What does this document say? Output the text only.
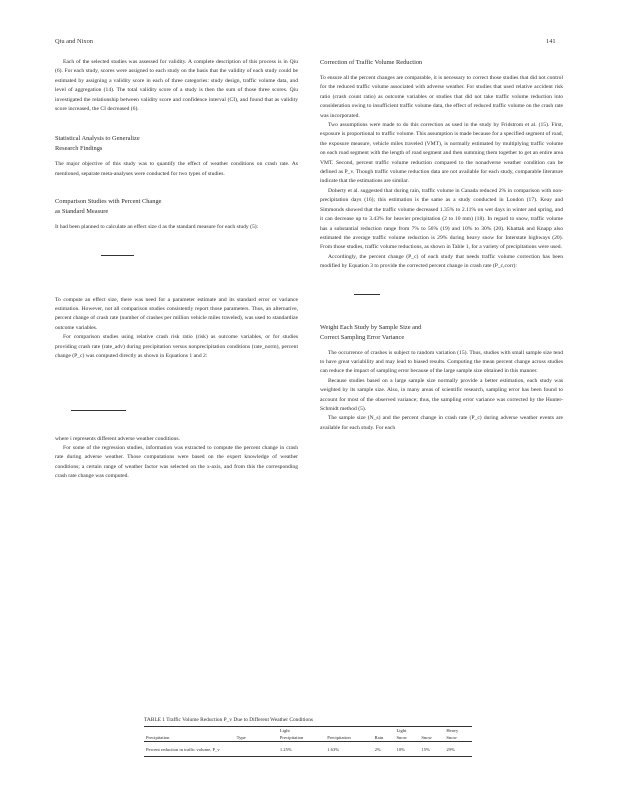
Qiu and Nixon	141

Each of the selected studies was assessed for validity. A complete description of this process is in Qiu (6). For each study, scores were assigned to each study on the basis that the validity of each study could be estimated by assigning a validity score in each of three categories: study design, traffic volume data, and level of aggregation (14). The total validity score of a study is then the sum of those three scores. Qiu investigated the relationship between validity score and confidence interval (CI), and found that as validity score increased, the CI decreased (6).

Statistical Analysis to Generalize
Research Findings

The major objective of this study was to quantify the effect of weather conditions on crash rate. As mentioned, separate meta-analyses were conducted for two types of studies.

Comparison Studies with Percent Change
as Standard Measure

It had been planned to calculate an effect size d as the standard measure for each study (5):

To compute an effect size, there was need for a parameter estimate and its standard error or variance estimation. However, not all comparison studies consistently report those parameters. Thus, an alternative, percent change of crash rate (number of crashes per million vehicle miles traveled), was used to standardize outcome variables.

For comparison studies using relative crash risk ratio (risk) as outcome variables, or for studies providing crash rate (rate_adv) during precipitation versus nonprecipitation conditions (rate_norm), percent change (P_c) was computed directly as shown in Equations 1 and 2:

where i represents different adverse weather conditions.

For some of the regression studies, information was extracted to compute the percent change in crash rate during adverse weather. Those computations were based on the expert knowledge of weather conditions; a certain range of weather factor was selected on the x-axis, and from this the corresponding crash rate change was computed.

Correction of Traffic Volume Reduction

To ensure all the percent changes are comparable, it is necessary to correct those studies that did not control for the reduced traffic volume associated with adverse weather. For studies that used relative accident risk ratio (crash count ratio) as outcome variables or studies that did not take traffic volume reduction into consideration owing to insufficient traffic volume data, the effect of reduced traffic volume on the crash rate was incorporated.

Two assumptions were made to do this correction as used in the study by Fridstrom et al. (15). First, exposure is proportional to traffic volume. This assumption is made because for a specified segment of road, the exposure measure, vehicle miles traveled (VMT), is normally estimated by multiplying traffic volume on each road segment with the length of road segment and then summing them together to get an entire area VMT. Second, percent traffic volume reduction compared to the nonadverse weather condition can be defined as P_v. Though traffic volume reduction data are not available for each study, comparable literature indicate that the estimations are similar.

Doherty et al. suggested that during rain, traffic volume in Canada reduced 2% in comparison with non-precipitation days (16); this estimation is the same as a study conducted in London (17). Keay and Simmonds showed that the traffic volume decreased 1.35% to 2.11% on wet days in winter and spring, and it can decrease up to 3.43% for heavier precipitation (2 to 10 mm) (18). In regard to snow, traffic volume has a substantial reduction range from 7% to 56% (19) and 10% to 30% (20). Khattak and Knapp also estimated the average traffic volume reduction is 29% during heavy snow for Interstate highways (20). From those studies, traffic volume reductions, as shown in Table 1, for a variety of precipitations were used.

Accordingly, the percent change (P_c) of each study that needs traffic volume correction has been modified by Equation 3 to provide the corrected percent change in crash rate (P_c,corr):

Weight Each Study by Sample Size and
Correct Sampling Error Variance

The occurrence of crashes is subject to random variation (15). Thus, studies with small sample size tend to have great variability and may lead to biased results. Computing the mean percent change across studies can reduce the impact of sampling error because of the large sample size obtained in this manner.

Because studies based on a large sample size normally provide a better estimation, each study was weighted by its sample size. Also, in many areas of scientific research, sampling error has been found to account for most of the observed variance; thus, the sampling error variance was corrected by the Hunter-Schmidt method (5).

The sample size (N_s) and the percent change in crash rate (P_c) during adverse weather events are available for each study. For each

TABLE 1 Traffic Volume Reduction P_v Due to Different Weather Conditions
		Light			Light		Heavy
Precipitation	Type	Precipitation	Precipitation	Rain	Snow	Snow	Snow
Percent reduction in traffic volume, P_v		1.25%	1.63%	2%	10%	15%	29%
